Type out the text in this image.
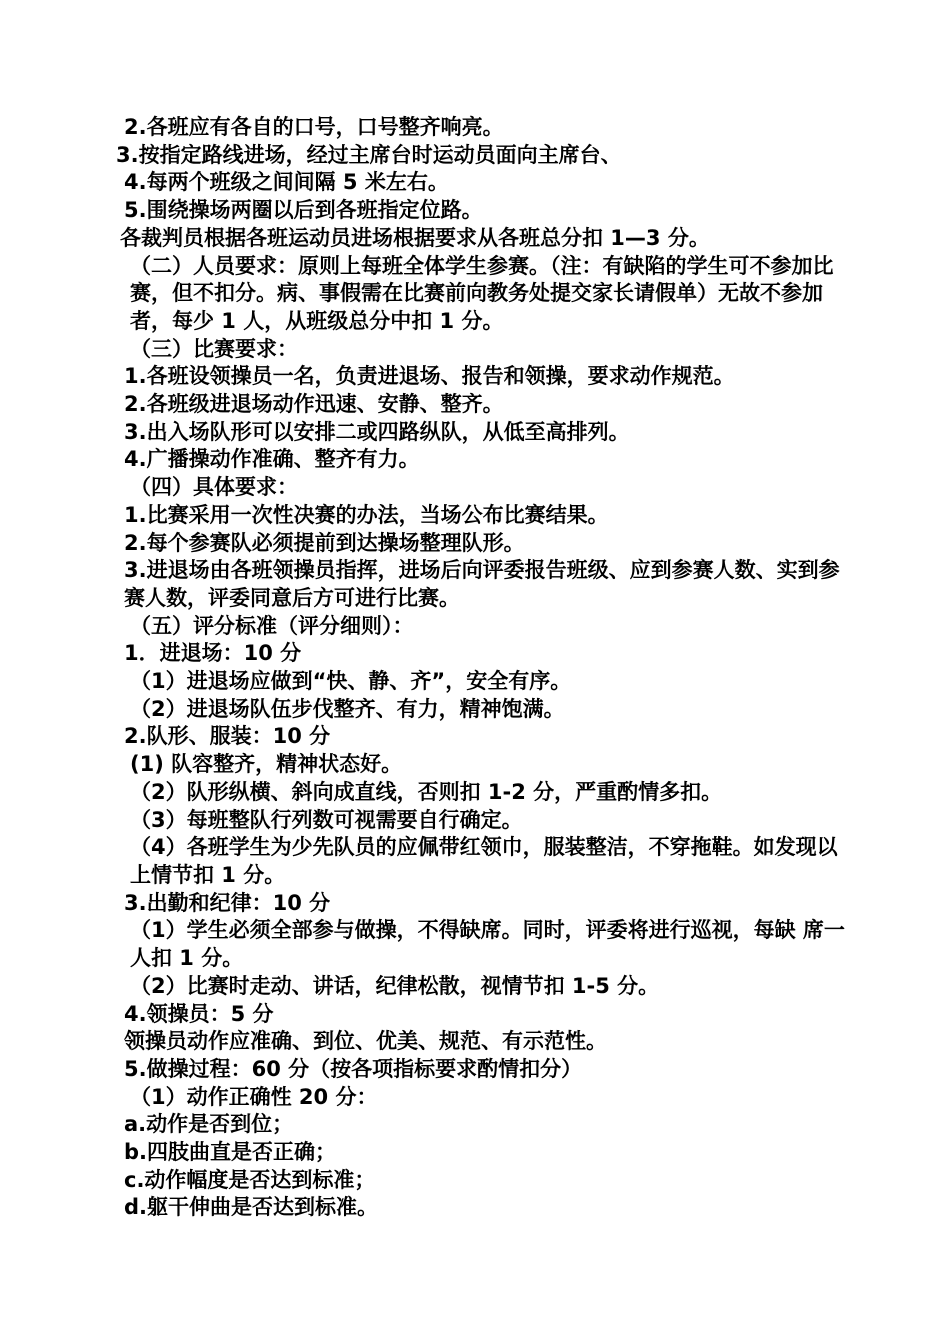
2.各班应有各自的口号，口号整齐响亮。

3.按指定路线进场，经过主席台时运动员面向主席台、

4.每两个班级之间间隔 5 米左右。

5.围绕操场两圈以后到各班指定位路。

各裁判员根据各班运动员进场根据要求从各班总分扣 1—3 分。

（二）人员要求：原则上每班全体学生参赛。（注：有缺陷的学生可不参加比赛，但不扣分。病、事假需在比赛前向教务处提交家长请假单）无故不参加者，每少 1 人，从班级总分中扣 1 分。

（三）比赛要求：

1.各班设领操员一名，负责进退场、报告和领操，要求动作规范。

2.各班级进退场动作迅速、安静、整齐。

3.出入场队形可以安排二或四路纵队，从低至高排列。

4.广播操动作准确、整齐有力。

（四）具体要求：

1.比赛采用一次性决赛的办法，当场公布比赛结果。

2.每个参赛队必须提前到达操场整理队形。

3.进退场由各班领操员指挥，进场后向评委报告班级、应到参赛人数、实到参赛人数，评委同意后方可进行比赛。

（五）评分标准（评分细则）：

1．进退场：10 分

（1）进退场应做到“快、静、齐”，安全有序。

（2）进退场队伍步伐整齐、有力，精神饱满。

2.队形、服装：10 分

(1) 队容整齐，精神状态好。

（2）队形纵横、斜向成直线，否则扣 1-2 分，严重酌情多扣。

（3）每班整队行列数可视需要自行确定。

（4）各班学生为少先队员的应佩带红领巾，服装整洁，不穿拖鞋。如发现以上情节扣 1 分。

3.出勤和纪律：10 分

（1）学生必须全部参与做操，不得缺席。同时，评委将进行巡视，每缺 席一人扣 1 分。

（2）比赛时走动、讲话，纪律松散，视情节扣 1-5 分。

4.领操员：5 分

领操员动作应准确、到位、优美、规范、有示范性。

5.做操过程：60 分（按各项指标要求酌情扣分）

（1）动作正确性 20 分：

a.动作是否到位；

b.四肢曲直是否正确；

c.动作幅度是否达到标准；

d.躯干伸曲是否达到标准。
